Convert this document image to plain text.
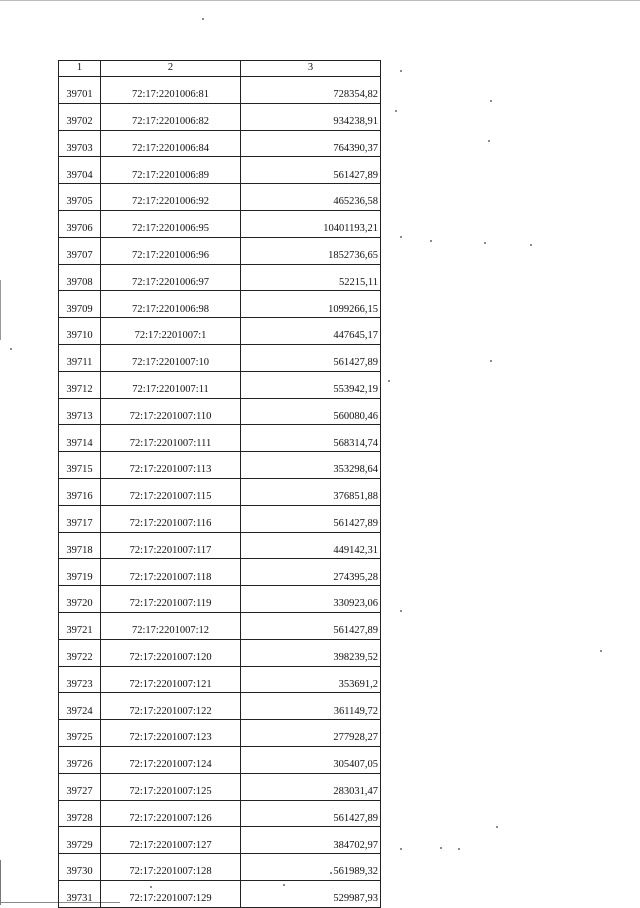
1	2	3
39701	72:17:2201006:81	728354,82
39702	72:17:2201006:82	934238,91
39703	72:17:2201006:84	764390,37
39704	72:17:2201006:89	561427,89
39705	72:17:2201006:92	465236,58
39706	72:17:2201006:95	10401193,21
39707	72:17:2201006:96	1852736,65
39708	72:17:2201006:97	52215,11
39709	72:17:2201006:98	1099266,15
39710	72:17:2201007:1	447645,17
39711	72:17:2201007:10	561427,89
39712	72:17:2201007:11	553942,19
39713	72:17:2201007:110	560080,46
39714	72:17:2201007:111	568314,74
39715	72:17:2201007:113	353298,64
39716	72:17:2201007:115	376851,88
39717	72:17:2201007:116	561427,89
39718	72:17:2201007:117	449142,31
39719	72:17:2201007:118	274395,28
39720	72:17:2201007:119	330923,06
39721	72:17:2201007:12	561427,89
39722	72:17:2201007:120	398239,52
39723	72:17:2201007:121	353691,2
39724	72:17:2201007:122	361149,72
39725	72:17:2201007:123	277928,27
39726	72:17:2201007:124	305407,05
39727	72:17:2201007:125	283031,47
39728	72:17:2201007:126	561427,89
39729	72:17:2201007:127	384702,97
39730	72:17:2201007:128	561989,32
39731	72:17:2201007:129	529987,93
